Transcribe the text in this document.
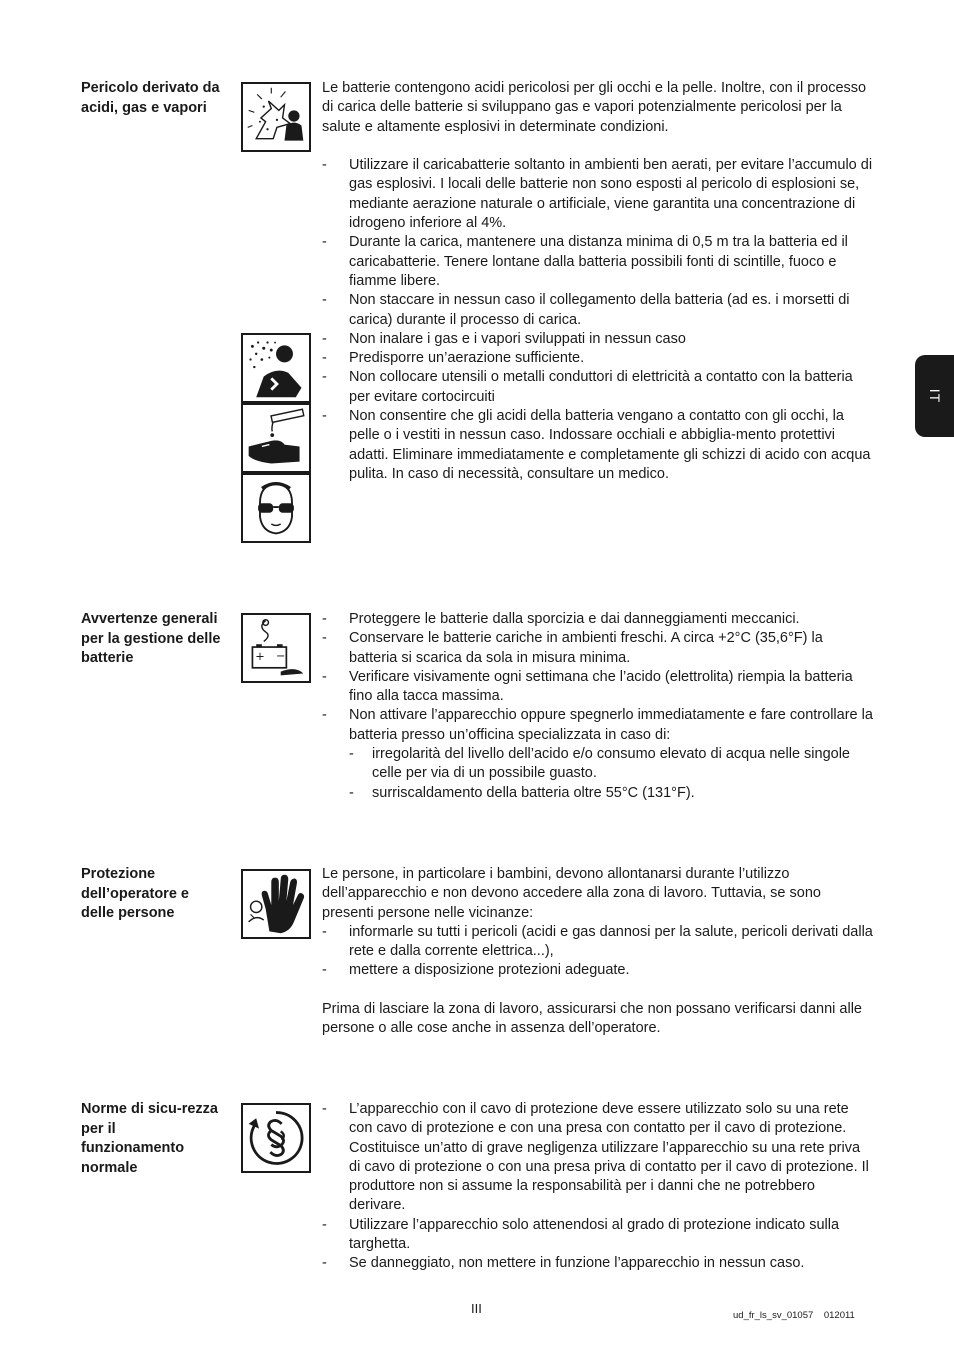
IT
Pericolo derivato da acidi, gas e vapori

Le batterie contengono acidi pericolosi per gli occhi e la pelle. Inoltre, con il processo di carica delle batterie si sviluppano gas e vapori potenzialmente pericolosi per la salute e altamente esplosivi in determinate condizioni.

- Utilizzare il caricabatterie soltanto in ambienti ben aerati, per evitare l’accumulo di gas esplosivi. I locali delle batterie non sono esposti al pericolo di esplosioni se, mediante aerazione naturale o artificiale, viene garantita una concentrazione di idrogeno inferiore al 4%.
- Durante la carica, mantenere una distanza minima di 0,5 m tra la batteria ed il caricabatterie. Tenere lontane dalla batteria possibili fonti di scintille, fuoco e fiamme libere.
- Non staccare in nessun caso il collegamento della batteria (ad es. i morsetti di carica) durante il processo di carica.
- Non inalare i gas e i vapori sviluppati in nessun caso
- Predisporre un’aerazione sufficiente.
- Non collocare utensili o metalli conduttori di elettricità a contatto con la batteria per evitare cortocircuiti
- Non consentire che gli acidi della batteria vengano a contatto con gli occhi, la pelle o i vestiti in nessun caso. Indossare occhiali e abbiglia-mento protettivi adatti. Eliminare immediatamente e completamente gli schizzi di acido con acqua pulita. In caso di necessità, consultare un medico.
Avvertenze generali per la gestione delle batterie	+ −
- Proteggere le batterie dalla sporcizia e dai danneggiamenti meccanici.
- Conservare le batterie cariche in ambienti freschi. A circa +2°C (35,6°F) la batteria si scarica da sola in misura minima.
- Verificare visivamente ogni settimana che l’acido (elettrolita) riempia la batteria fino alla tacca massima.
- Non attivare l’apparecchio oppure spegnerlo immediatamente e fare controllare la batteria presso un’officina specializzata in caso di:
- irregolarità del livello dell’acido e/o consumo elevato di acqua nelle singole celle per via di un possibile guasto.
- surriscaldamento della batteria oltre 55°C (131°F).
Protezione dell’operatore e delle persone

Le persone, in particolare i bambini, devono allontanarsi durante l’utilizzo dell’apparecchio e non devono accedere alla zona di lavoro. Tuttavia, se sono presenti persone nelle vicinanze:

- informarle su tutti i pericoli (acidi e gas dannosi per la salute, pericoli derivati dalla rete e dalla corrente elettrica...),
- mettere a disposizione protezioni adeguate.

Prima di lasciare la zona di lavoro, assicurarsi che non possano verificarsi danni alle persone o alle cose anche in assenza dell’operatore.

Norme di sicu-rezza per il funzionamento normale
- L’apparecchio con il cavo di protezione deve essere utilizzato solo su una rete con cavo di protezione e con una presa con contatto per il cavo di protezione. Costituisce un’atto di grave negligenza utilizzare l’apparecchio su una rete priva di cavo di protezione o con una presa priva di contatto per il cavo di protezione. Il produttore non si assume la responsabilità per i danni che ne potrebbero derivare.
- Utilizzare l’apparecchio solo attenendosi al grado di protezione indicato sulla targhetta.
- Se danneggiato, non mettere in funzione l’apparecchio in nessun caso.
III	ud_fr_ls_sv_01057    012011
